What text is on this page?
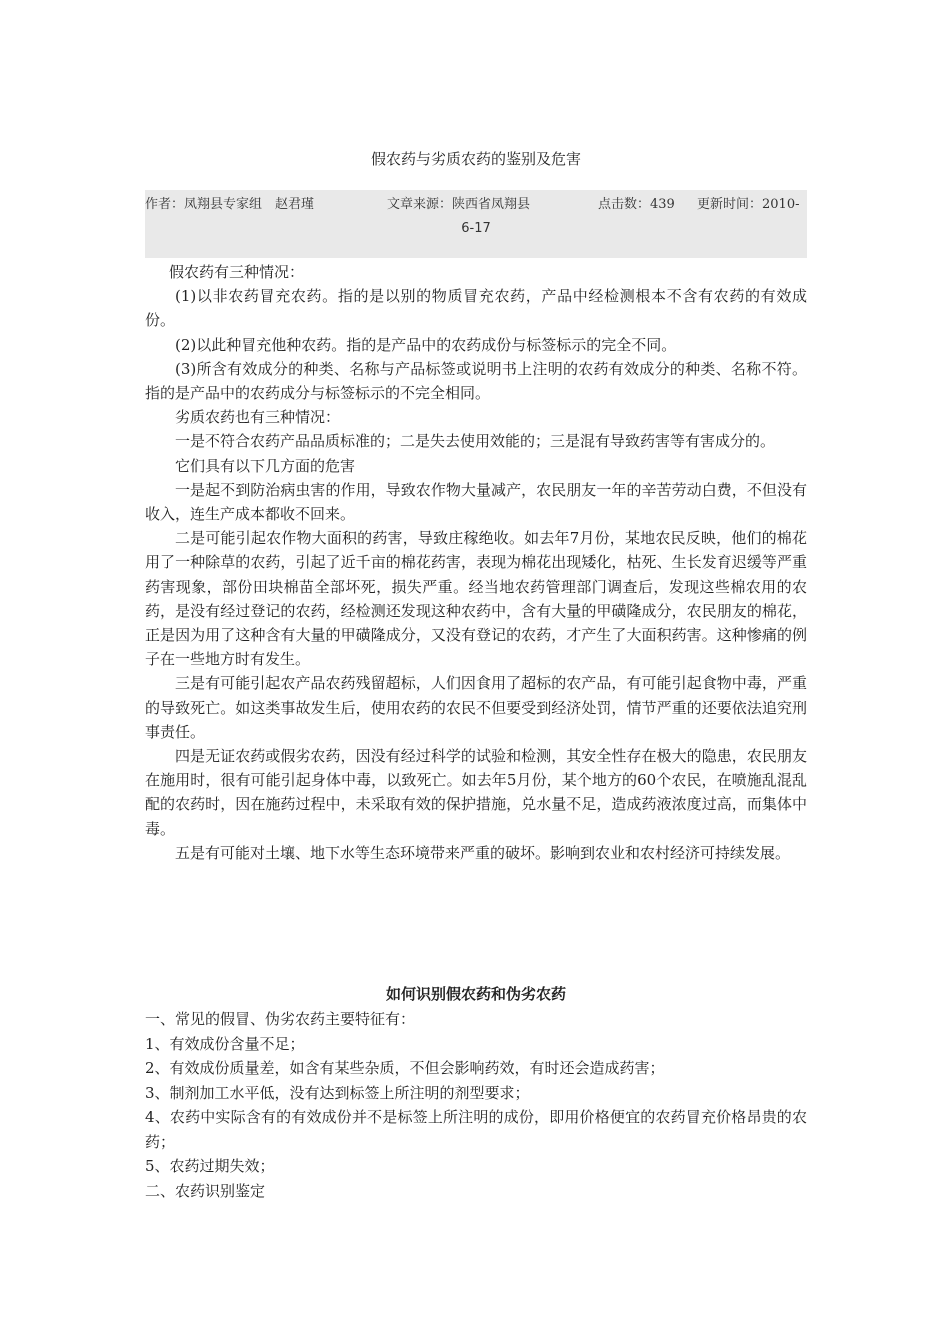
假农药与劣质农药的鉴别及危害
作者：凤翔县专家组　赵君瑾	文章来源：陕西省凤翔县	点击数：439 更新时间：2010-
6-17

假农药有三种情况：

(1)以非农药冒充农药。指的是以别的物质冒充农药，产品中经检测根本不含有农药的有效成份。

(2)以此种冒充他种农药。指的是产品中的农药成份与标签标示的完全不同。

(3)所含有效成分的种类、名称与产品标签或说明书上注明的农药有效成分的种类、名称不符。指的是产品中的农药成分与标签标示的不完全相同。

劣质农药也有三种情况：

一是不符合农药产品品质标准的；二是失去使用效能的；三是混有导致药害等有害成分的。

它们具有以下几方面的危害

一是起不到防治病虫害的作用，导致农作物大量减产，农民朋友一年的辛苦劳动白费，不但没有收入，连生产成本都收不回来。

二是可能引起农作物大面积的药害，导致庄稼绝收。如去年7月份，某地农民反映，他们的棉花用了一种除草的农药，引起了近千亩的棉花药害，表现为棉花出现矮化，枯死、生长发育迟缓等严重药害现象，部份田块棉苗全部坏死，损失严重。经当地农药管理部门调查后，发现这些棉农用的农药，是没有经过登记的农药，经检测还发现这种农药中，含有大量的甲磺隆成分，农民朋友的棉花，正是因为用了这种含有大量的甲磺隆成分，又没有登记的农药，才产生了大面积药害。这种惨痛的例子在一些地方时有发生。

三是有可能引起农产品农药残留超标，人们因食用了超标的农产品，有可能引起食物中毒，严重的导致死亡。如这类事故发生后，使用农药的农民不但要受到经济处罚，情节严重的还要依法追究刑事责任。

四是无证农药或假劣农药，因没有经过科学的试验和检测，其安全性存在极大的隐患，农民朋友在施用时，很有可能引起身体中毒，以致死亡。如去年5月份，某个地方的60个农民，在喷施乱混乱配的农药时，因在施药过程中，未采取有效的保护措施，兑水量不足，造成药液浓度过高，而集体中毒。

五是有可能对土壤、地下水等生态环境带来严重的破坏。影响到农业和农村经济可持续发展。

如何识别假农药和伪劣农药

一、常见的假冒、伪劣农药主要特征有：

1、有效成份含量不足；

2、有效成份质量差，如含有某些杂质，不但会影响药效，有时还会造成药害；

3、制剂加工水平低，没有达到标签上所注明的剂型要求；

4、农药中实际含有的有效成份并不是标签上所注明的成份，即用价格便宜的农药冒充价格昂贵的农药；

5、农药过期失效；

二、农药识别鉴定
